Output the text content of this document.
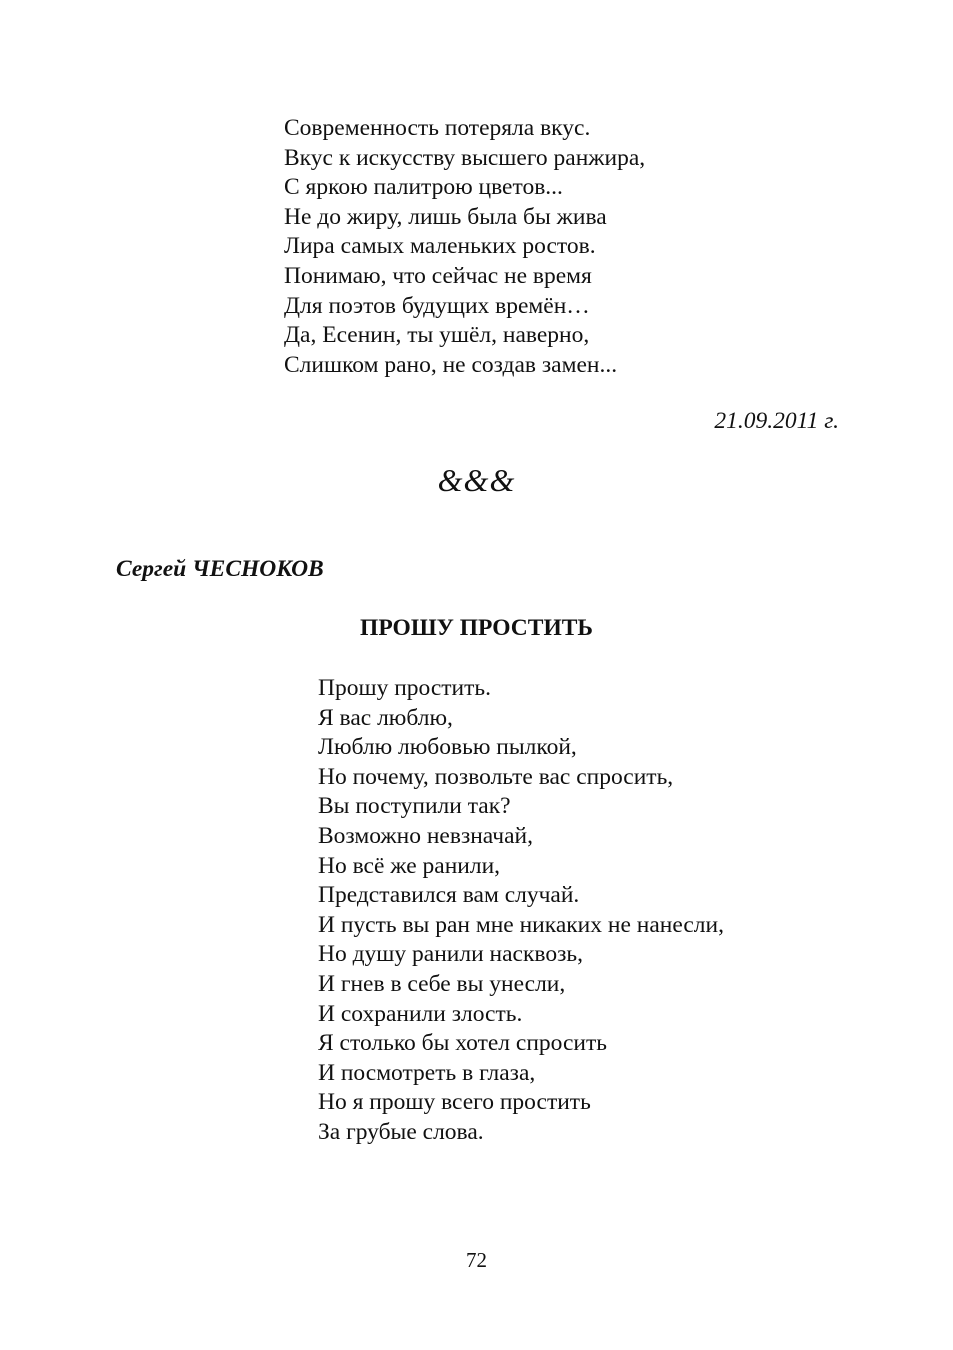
Современность потеряла вкус.
Вкус к искусству высшего ранжира,
С яркою палитрою цветов...
Не до жиру, лишь была бы жива
Лира самых маленьких ростов.
Понимаю, что сейчас не время
Для поэтов будущих времён…
Да, Есенин, ты ушёл, наверно,
Слишком рано, не создав замен...
21.09.2011 г.
&&&
Сергей ЧЕСНОКОВ
ПРОШУ ПРОСТИТЬ
Прошу простить.
Я вас люблю,
Люблю любовью пылкой,
Но почему, позвольте вас спросить,
Вы поступили так?
Возможно невзначай,
Но всё же ранили,
Представился вам случай.
И пусть вы ран мне никаких не нанесли,
Но душу ранили насквозь,
И гнев в себе вы унесли,
И сохранили злость.
Я столько бы хотел спросить
И посмотреть в глаза,
Но я прошу всего простить
За грубые слова.
72
